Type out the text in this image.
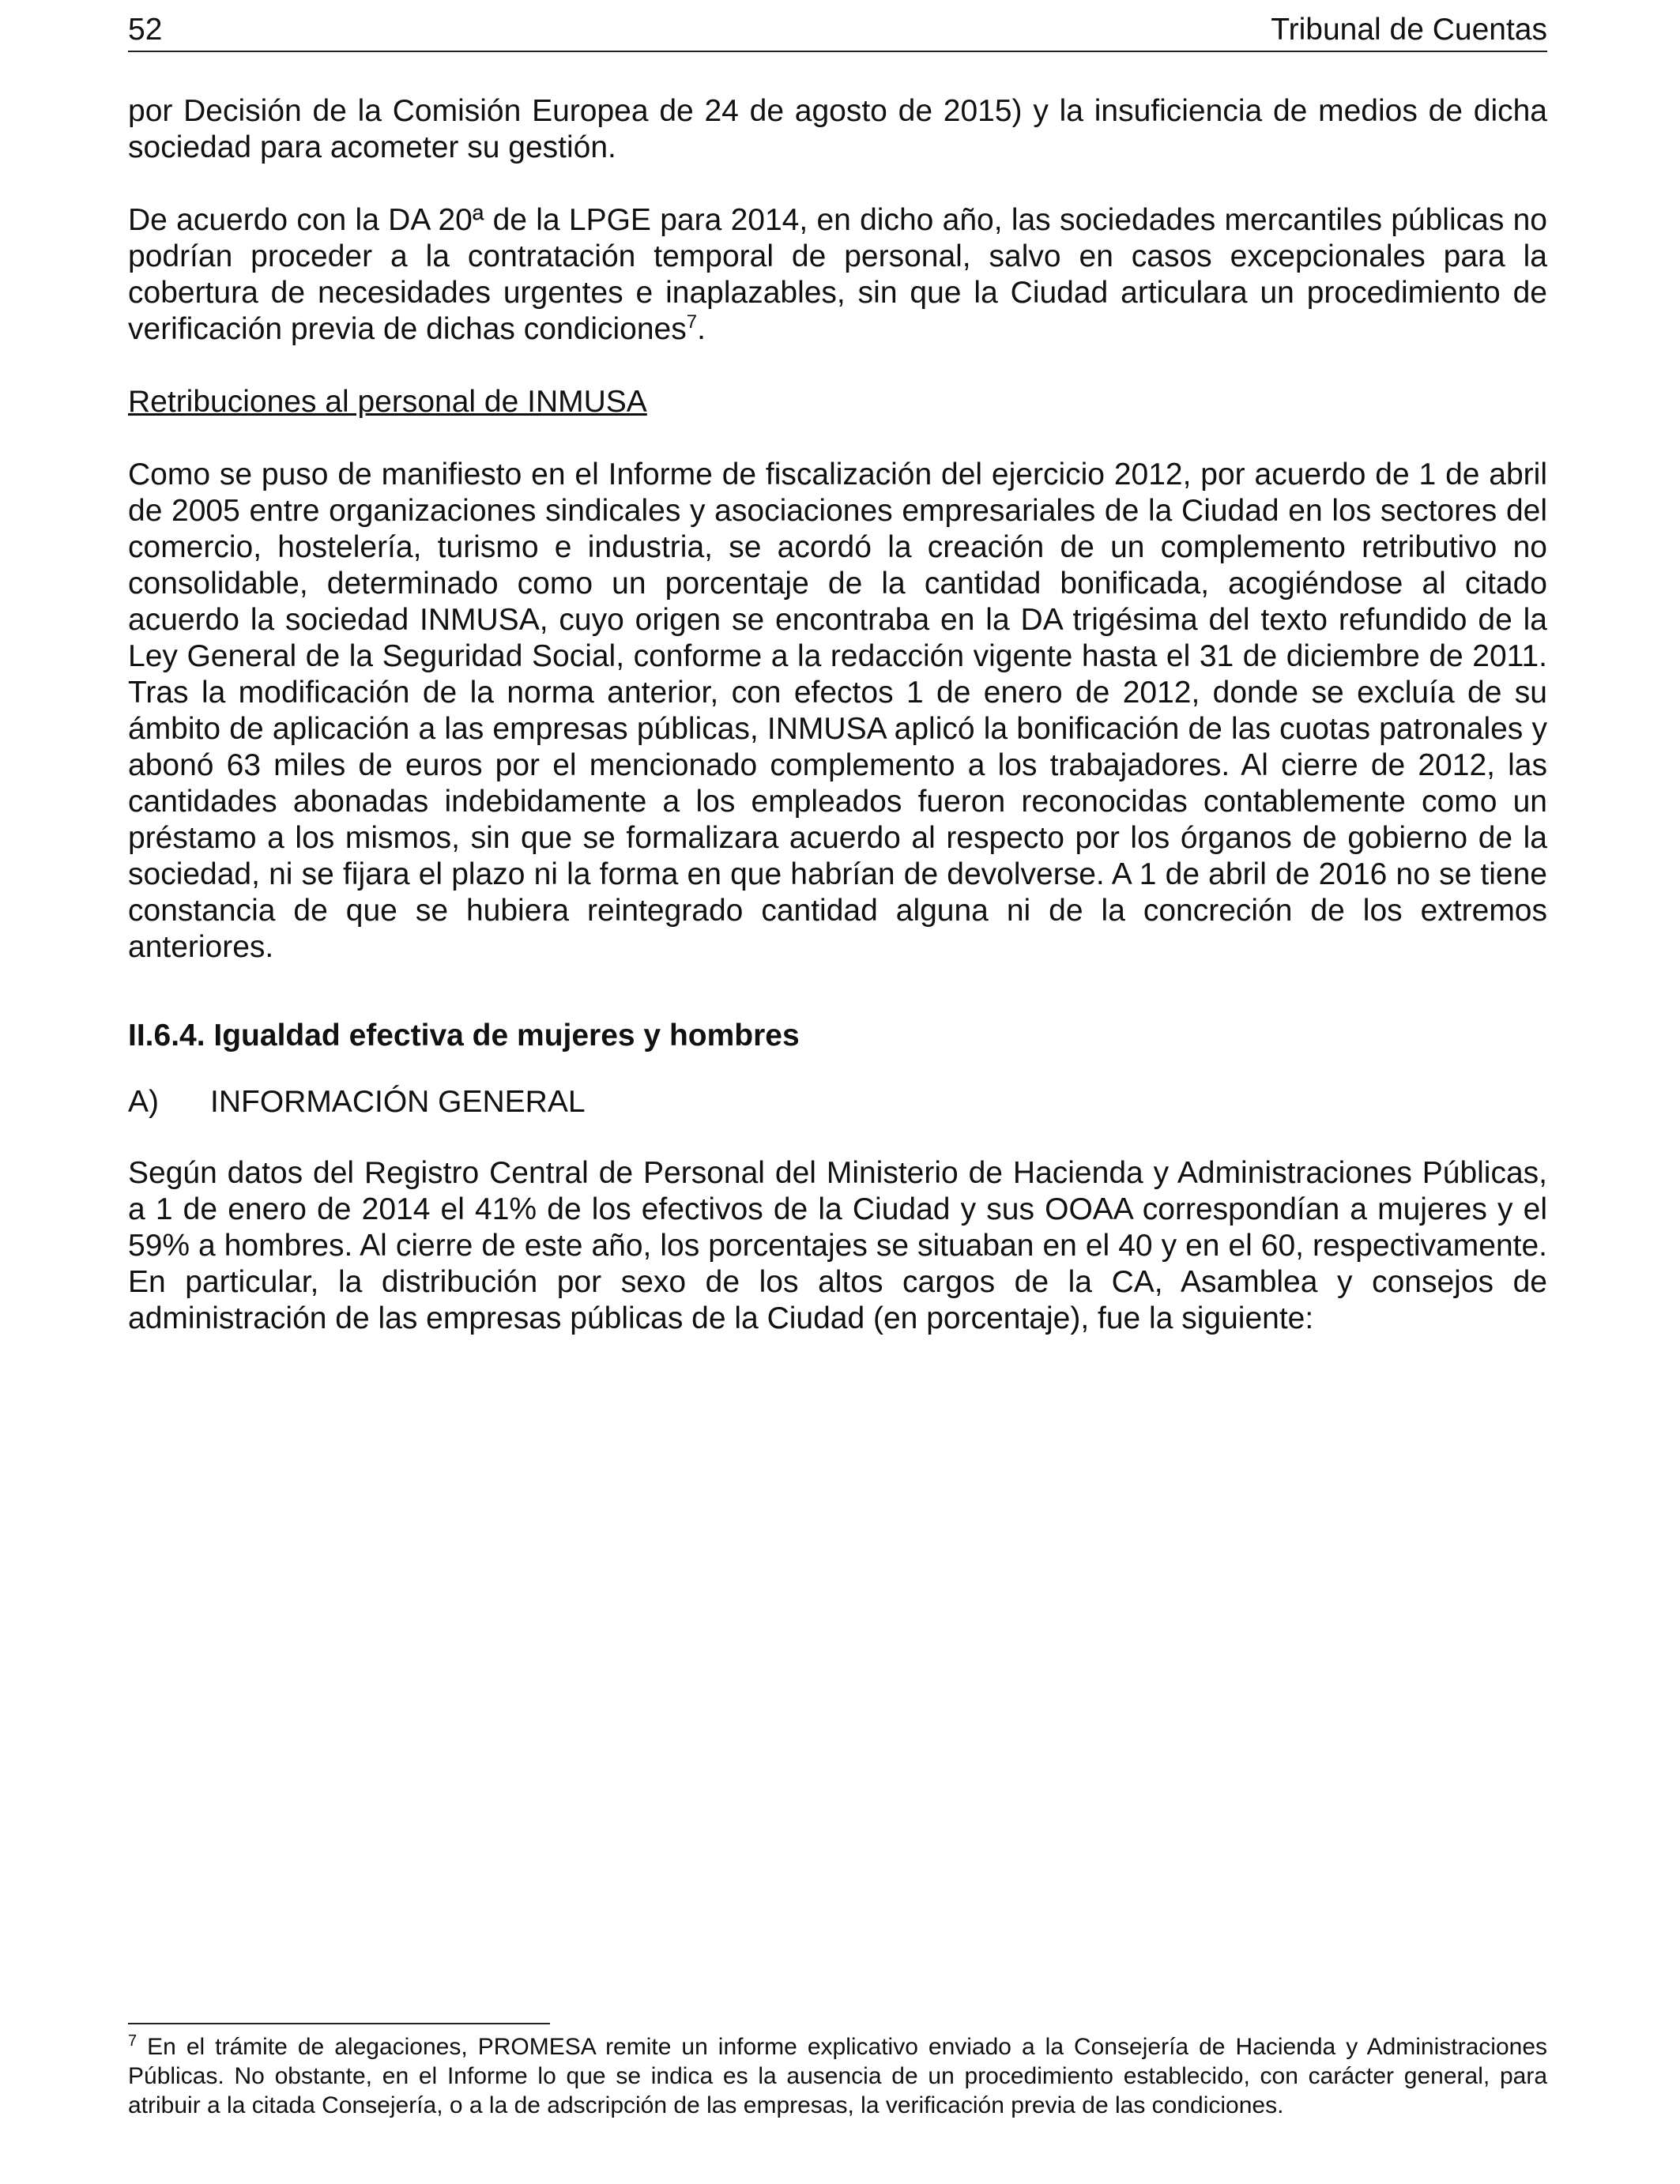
52	Tribunal de Cuentas

por Decisión de la Comisión Europea de 24 de agosto de 2015) y la insuficiencia de medios de dicha sociedad para acometer su gestión.

De acuerdo con la DA 20ª de la LPGE para 2014, en dicho año, las sociedades mercantiles públicas no podrían proceder a la contratación temporal de personal, salvo en casos excepcionales para la cobertura de necesidades urgentes e inaplazables, sin que la Ciudad articulara un procedimiento de verificación previa de dichas condiciones$^7$.

Retribuciones al personal de INMUSA

Como se puso de manifiesto en el Informe de fiscalización del ejercicio 2012, por acuerdo de 1 de abril de 2005 entre organizaciones sindicales y asociaciones empresariales de la Ciudad en los sectores del comercio, hostelería, turismo e industria, se acordó la creación de un complemento retributivo no consolidable, determinado como un porcentaje de la cantidad bonificada, acogiéndose al citado acuerdo la sociedad INMUSA, cuyo origen se encontraba en la DA trigésima del texto refundido de la Ley General de la Seguridad Social, conforme a la redacción vigente hasta el 31 de diciembre de 2011. Tras la modificación de la norma anterior, con efectos 1 de enero de 2012, donde se excluía de su ámbito de aplicación a las empresas públicas, INMUSA aplicó la bonificación de las cuotas patronales y abonó 63 miles de euros por el mencionado complemento a los trabajadores. Al cierre de 2012, las cantidades abonadas indebidamente a los empleados fueron reconocidas contablemente como un préstamo a los mismos, sin que se formalizara acuerdo al respecto por los órganos de gobierno de la sociedad, ni se fijara el plazo ni la forma en que habrían de devolverse. A 1 de abril de 2016 no se tiene constancia de que se hubiera reintegrado cantidad alguna ni de la concreción de los extremos anteriores.

II.6.4. Igualdad efectiva de mujeres y hombres
A)	INFORMACIÓN GENERAL

Según datos del Registro Central de Personal del Ministerio de Hacienda y Administraciones Públicas, a 1 de enero de 2014 el 41% de los efectivos de la Ciudad y sus OOAA correspondían a mujeres y el 59% a hombres. Al cierre de este año, los porcentajes se situaban en el 40 y en el 60, respectivamente. En particular, la distribución por sexo de los altos cargos de la CA, Asamblea y consejos de administración de las empresas públicas de la Ciudad (en porcentaje), fue la siguiente:

$^7$ En el trámite de alegaciones, PROMESA remite un informe explicativo enviado a la Consejería de Hacienda y Administraciones Públicas. No obstante, en el Informe lo que se indica es la ausencia de un procedimiento establecido, con carácter general, para atribuir a la citada Consejería, o a la de adscripción de las empresas, la verificación previa de las condiciones.
